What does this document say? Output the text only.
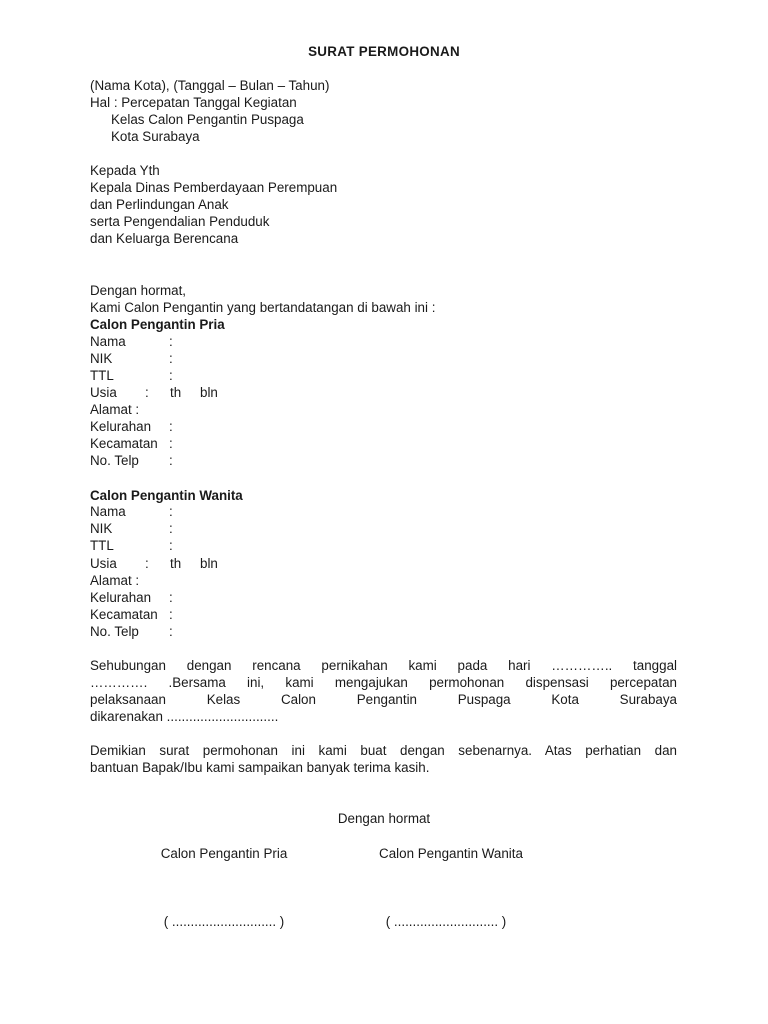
SURAT PERMOHONAN
(Nama Kota), (Tanggal – Bulan – Tahun)
Hal : Percepatan Tanggal Kegiatan
Kelas Calon Pengantin Puspaga
Kota Surabaya
Kepada Yth
Kepala Dinas Pemberdayaan Perempuan
dan Perlindungan Anak
serta Pengendalian Penduduk
dan Keluarga Berencana
Dengan hormat,
Kami Calon Pengantin yang bertandatangan di bawah ini :
Calon Pengantin Pria
Nama	:
NIK	:
TTL	:
Usia : th bln
Alamat :
Kelurahan :
Kecamatan :
No. Telp :
Calon Pengantin Wanita
Nama	:
NIK	:
TTL	:
Usia : th bln
Alamat :
Kelurahan :
Kecamatan :
No. Telp :
Sehubungan dengan rencana pernikahan kami pada hari ………….. tanggal
…………. .Bersama ini, kami mengajukan permohonan dispensasi percepatan
pelaksanaan Kelas Calon Pengantin Puspaga Kota Surabaya
dikarenakan ..............................
Demikian surat permohonan ini kami buat dengan sebenarnya. Atas perhatian dan
bantuan Bapak/Ibu kami sampaikan banyak terima kasih.
Dengan hormat
Calon Pengantin Pria	Calon Pengantin Wanita
( ............................ )	( ............................ )
